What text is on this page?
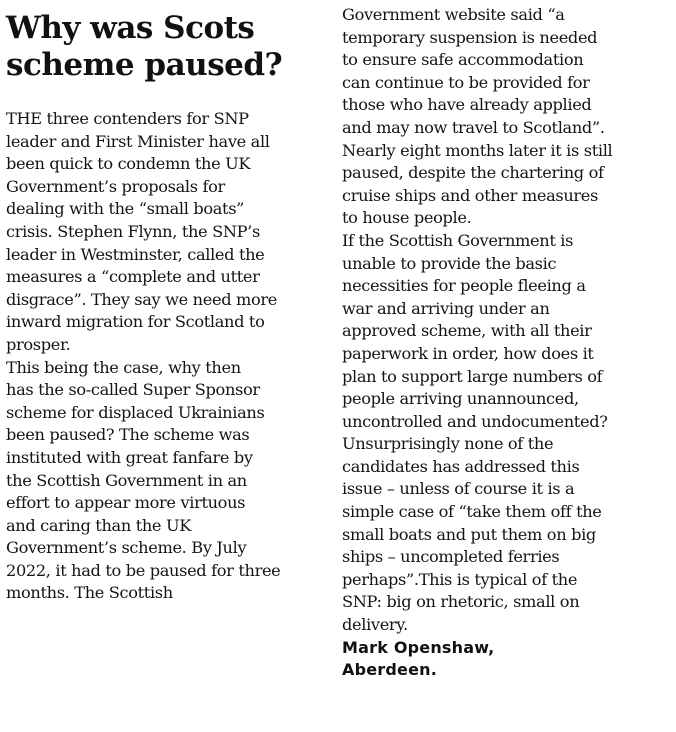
Why was Scots
scheme paused?
THE three contenders for SNP
leader and First Minister have all
been quick to condemn the UK
Government’s proposals for
dealing with the “small boats”
crisis. Stephen Flynn, the SNP’s
leader in Westminster, called the
measures a “complete and utter
disgrace”. They say we need more
inward migration for Scotland to
prosper.
This being the case, why then
has the so-called Super Sponsor
scheme for displaced Ukrainians
been paused? The scheme was
instituted with great fanfare by
the Scottish Government in an
effort to appear more virtuous
and caring than the UK
Government’s scheme. By July
2022, it had to be paused for three
months. The Scottish
Government website said “a
temporary suspension is needed
to ensure safe accommodation
can continue to be provided for
those who have already applied
and may now travel to Scotland”.
Nearly eight months later it is still
paused, despite the chartering of
cruise ships and other measures
to house people.
If the Scottish Government is
unable to provide the basic
necessities for people fleeing a
war and arriving under an
approved scheme, with all their
paperwork in order, how does it
plan to support large numbers of
people arriving unannounced,
uncontrolled and undocumented?
Unsurprisingly none of the
candidates has addressed this
issue – unless of course it is a
simple case of “take them off the
small boats and put them on big
ships – uncompleted ferries
perhaps”.This is typical of the
SNP: big on rhetoric, small on
delivery.
Mark Openshaw,
Aberdeen.
